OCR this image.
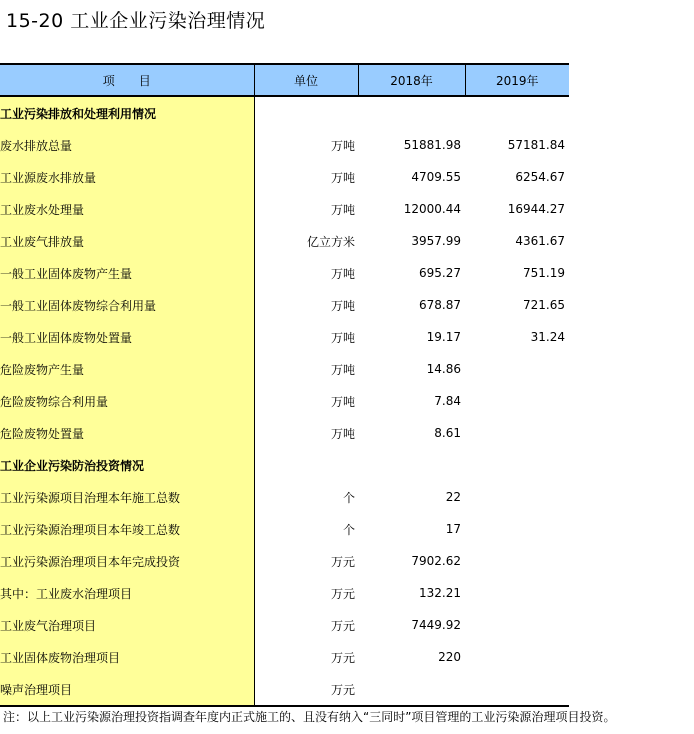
15-20 工业企业污染治理情况
项　　目	单位	2018年	2019年
工业污染排放和处理利用情况			
废水排放总量	万吨	51881.98	57181.84
工业源废水排放量	万吨	4709.55	6254.67
工业废水处理量	万吨	12000.44	16944.27
工业废气排放量	亿立方米	3957.99	4361.67
一般工业固体废物产生量	万吨	695.27	751.19
一般工业固体废物综合利用量	万吨	678.87	721.65
一般工业固体废物处置量	万吨	19.17	31.24
危险废物产生量	万吨	14.86	
危险废物综合利用量	万吨	7.84	
危险废物处置量	万吨	8.61	
工业企业污染防治投资情况			
工业污染源项目治理本年施工总数	个	22	
工业污染源治理项目本年竣工总数	个	17	
工业污染源治理项目本年完成投资	万元	7902.62	
其中：工业废水治理项目	万元	132.21	
工业废气治理项目	万元	7449.92	
工业固体废物治理项目	万元	220	
噪声治理项目	万元		
注：以上工业污染源治理投资指调查年度内正式施工的、且没有纳入“三同时”项目管理的工业污染源治理项目投资。
